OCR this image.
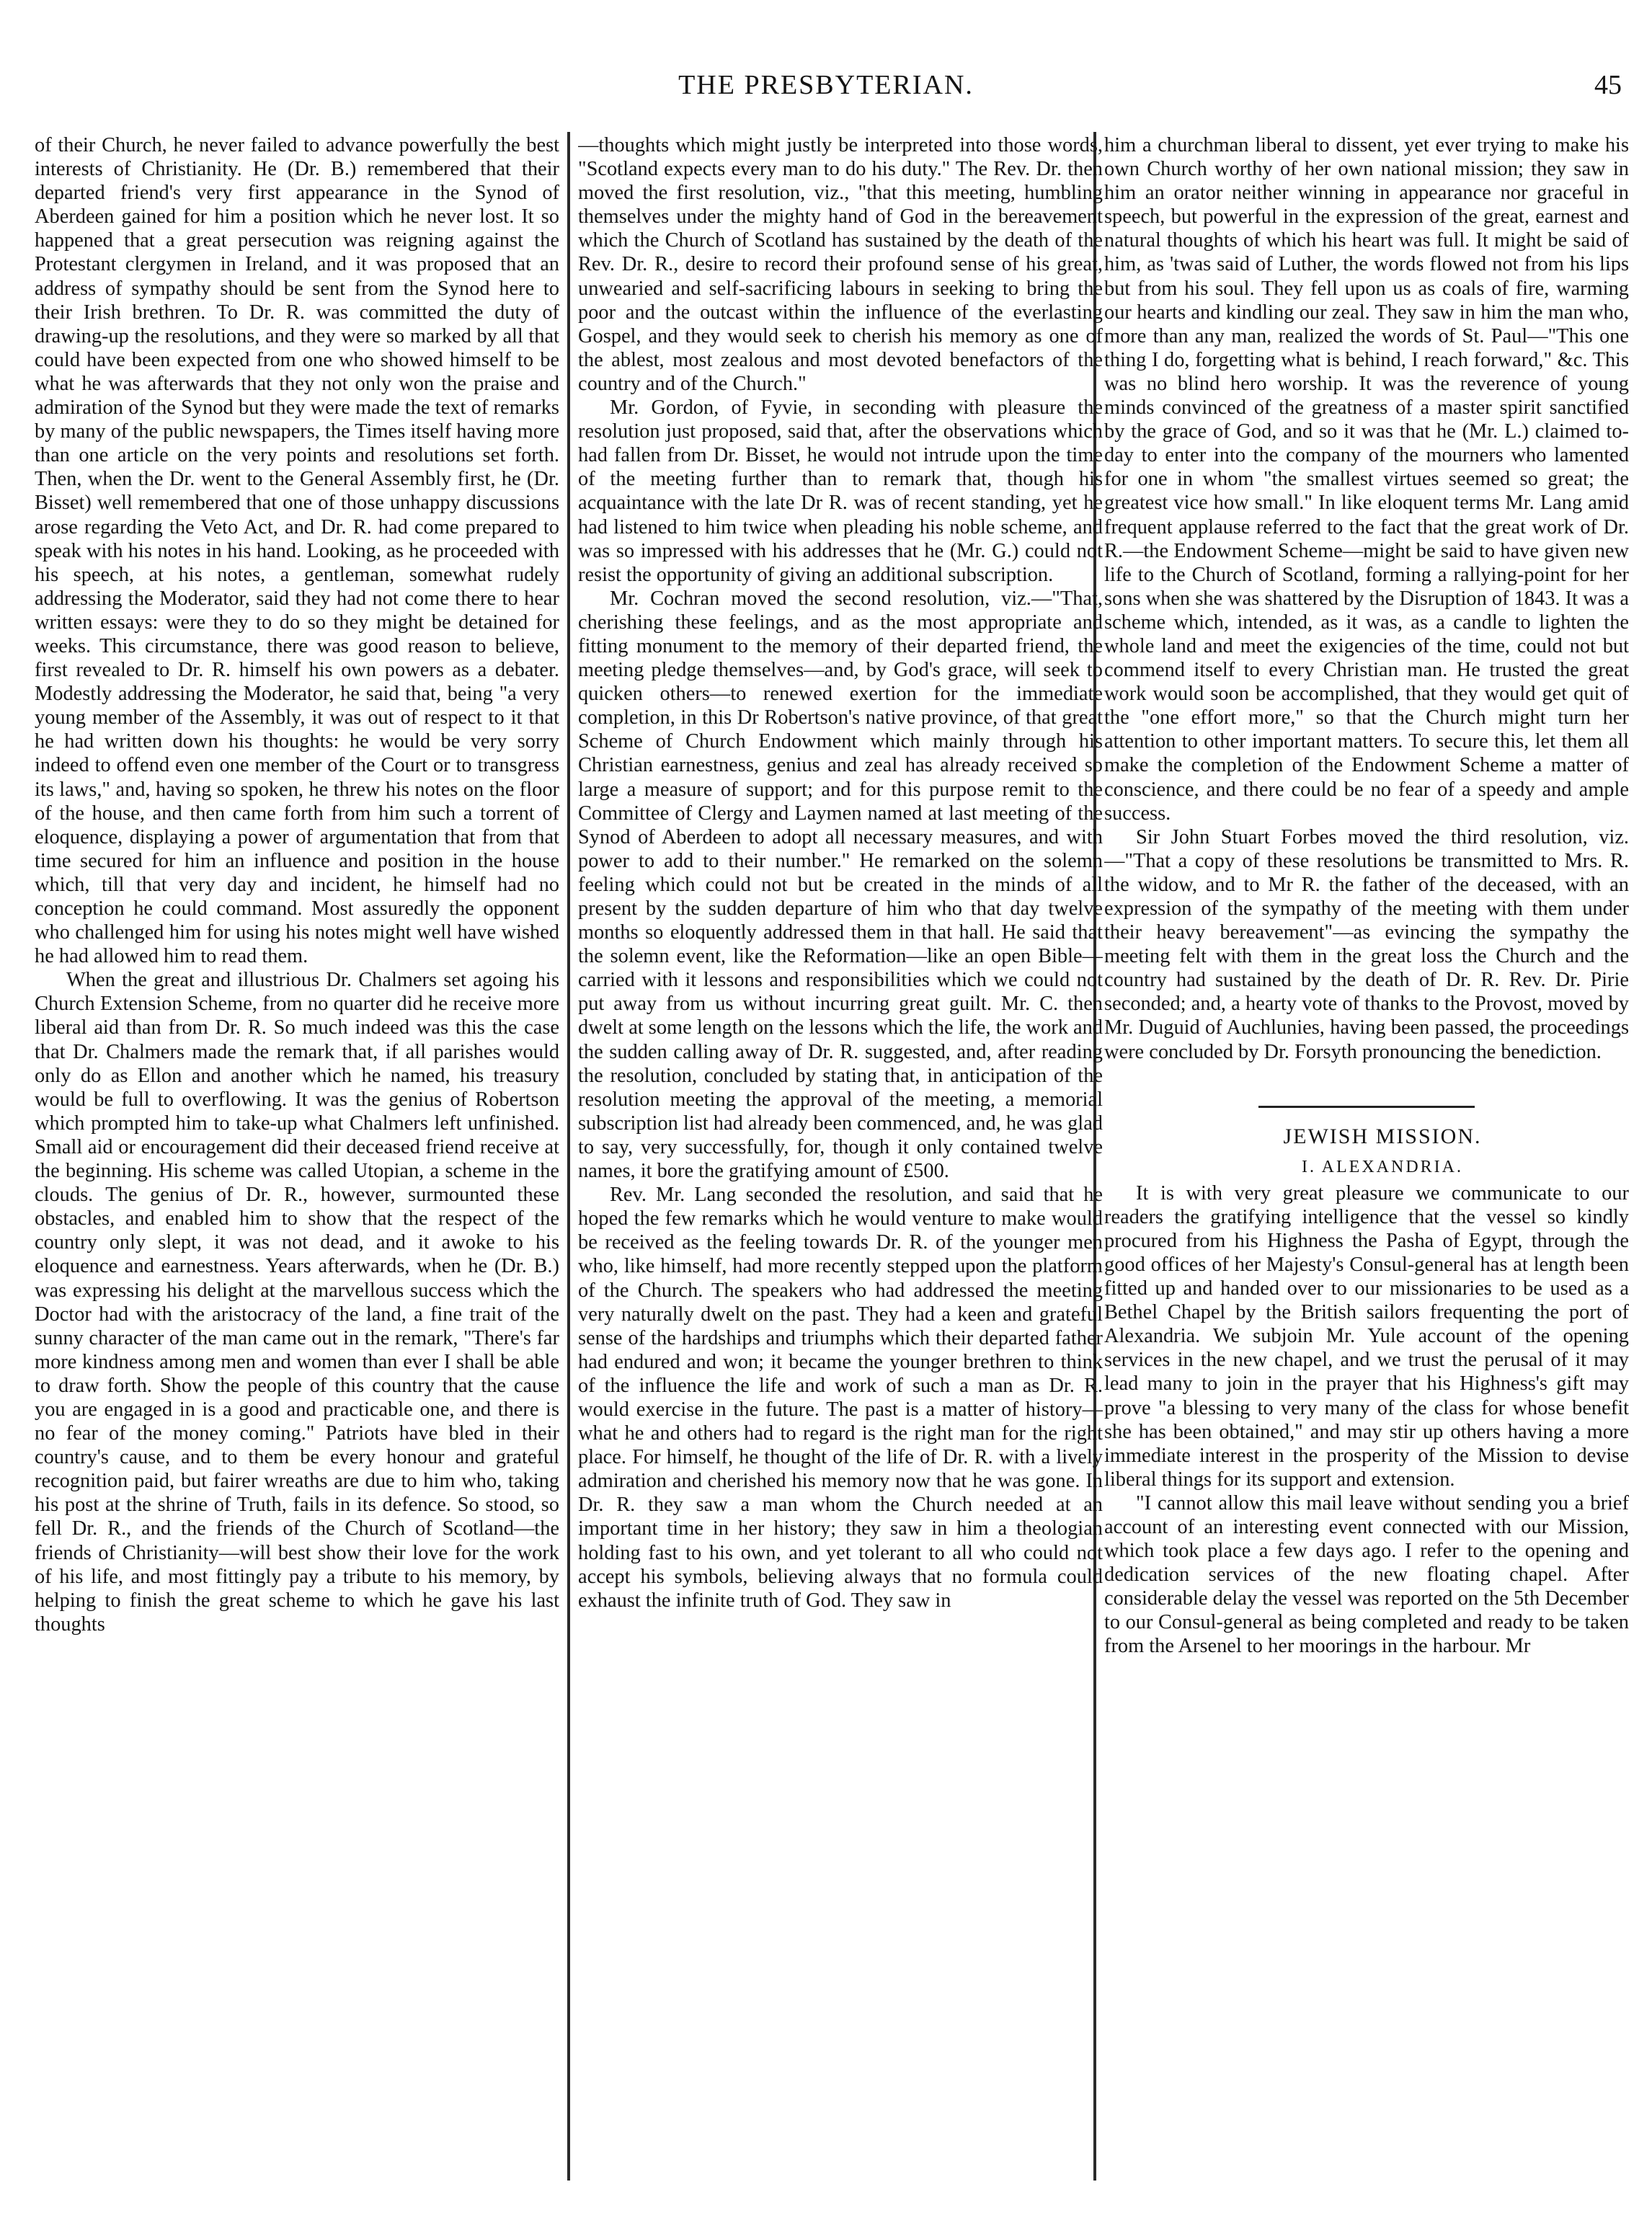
THE PRESBYTERIAN.	45

of their Church, he never failed to advance powerfully the best interests of Christianity. He (Dr. B.) remembered that their departed friend's very first appearance in the Synod of Aberdeen gained for him a position which he never lost. It so happened that a great persecution was reigning against the Protestant clergymen in Ireland, and it was proposed that an address of sympathy should be sent from the Synod here to their Irish brethren. To Dr. R. was committed the duty of drawing-up the resolutions, and they were so marked by all that could have been expected from one who showed himself to be what he was afterwards that they not only won the praise and admiration of the Synod but they were made the text of remarks by many of the public newspapers, the Times itself having more than one article on the very points and resolutions set forth. Then, when the Dr. went to the General Assembly first, he (Dr. Bisset) well remembered that one of those unhappy discussions arose regarding the Veto Act, and Dr. R. had come prepared to speak with his notes in his hand. Looking, as he proceeded with his speech, at his notes, a gentleman, somewhat rudely addressing the Moderator, said they had not come there to hear written essays: were they to do so they might be detained for weeks. This circumstance, there was good reason to believe, first revealed to Dr. R. himself his own powers as a debater. Modestly addressing the Moderator, he said that, being "a very young member of the Assembly, it was out of respect to it that he had written down his thoughts: he would be very sorry indeed to offend even one member of the Court or to transgress its laws," and, having so spoken, he threw his notes on the floor of the house, and then came forth from him such a torrent of eloquence, displaying a power of argumentation that from that time secured for him an influence and position in the house which, till that very day and incident, he himself had no conception he could command. Most assuredly the opponent who challenged him for using his notes might well have wished he had allowed him to read them.

When the great and illustrious Dr. Chalmers set agoing his Church Extension Scheme, from no quarter did he receive more liberal aid than from Dr. R. So much indeed was this the case that Dr. Chalmers made the remark that, if all parishes would only do as Ellon and another which he named, his treasury would be full to overflowing. It was the genius of Robertson which prompted him to take-up what Chalmers left unfinished. Small aid or encouragement did their deceased friend receive at the beginning. His scheme was called Utopian, a scheme in the clouds. The genius of Dr. R., however, surmounted these obstacles, and enabled him to show that the respect of the country only slept, it was not dead, and it awoke to his eloquence and earnestness. Years afterwards, when he (Dr. B.) was expressing his delight at the marvellous success which the Doctor had with the aristocracy of the land, a fine trait of the sunny character of the man came out in the remark, "There's far more kindness among men and women than ever I shall be able to draw forth. Show the people of this country that the cause you are engaged in is a good and practicable one, and there is no fear of the money coming." Patriots have bled in their country's cause, and to them be every honour and grateful recognition paid, but fairer wreaths are due to him who, taking his post at the shrine of Truth, fails in its defence. So stood, so fell Dr. R., and the friends of the Church of Scotland—the friends of Christianity—will best show their love for the work of his life, and most fittingly pay a tribute to his memory, by helping to finish the great scheme to which he gave his last thoughts

—thoughts which might justly be interpreted into those words, "Scotland expects every man to do his duty." The Rev. Dr. then moved the first resolution, viz., "that this meeting, humbling themselves under the mighty hand of God in the bereavement which the Church of Scotland has sustained by the death of the Rev. Dr. R., desire to record their profound sense of his great, unwearied and self-sacrificing labours in seeking to bring the poor and the outcast within the influence of the everlasting Gospel, and they would seek to cherish his memory as one of the ablest, most zealous and most devoted benefactors of the country and of the Church."

Mr. Gordon, of Fyvie, in seconding with pleasure the resolution just proposed, said that, after the observations which had fallen from Dr. Bisset, he would not intrude upon the time of the meeting further than to remark that, though his acquaintance with the late Dr R. was of recent standing, yet he had listened to him twice when pleading his noble scheme, and was so impressed with his addresses that he (Mr. G.) could not resist the opportunity of giving an additional subscription.

Mr. Cochran moved the second resolution, viz.—"That, cherishing these feelings, and as the most appropriate and fitting monument to the memory of their departed friend, the meeting pledge themselves—and, by God's grace, will seek to quicken others—to renewed exertion for the immediate completion, in this Dr Robertson's native province, of that great Scheme of Church Endowment which mainly through his Christian earnestness, genius and zeal has already received so large a measure of support; and for this purpose remit to the Committee of Clergy and Laymen named at last meeting of the Synod of Aberdeen to adopt all necessary measures, and with power to add to their number." He remarked on the solemn feeling which could not but be created in the minds of all present by the sudden departure of him who that day twelve months so eloquently addressed them in that hall. He said that the solemn event, like the Reformation—like an open Bible—carried with it lessons and responsibilities which we could not put away from us without incurring great guilt. Mr. C. then dwelt at some length on the lessons which the life, the work and the sudden calling away of Dr. R. suggested, and, after reading the resolution, concluded by stating that, in anticipation of the resolution meeting the approval of the meeting, a memorial subscription list had already been commenced, and, he was glad to say, very successfully, for, though it only contained twelve names, it bore the gratifying amount of £500.

Rev. Mr. Lang seconded the resolution, and said that he hoped the few remarks which he would venture to make would be received as the feeling towards Dr. R. of the younger men who, like himself, had more recently stepped upon the platform of the Church. The speakers who had addressed the meeting very naturally dwelt on the past. They had a keen and grateful sense of the hardships and triumphs which their departed father had endured and won; it became the younger brethren to think of the influence the life and work of such a man as Dr. R. would exercise in the future. The past is a matter of history—what he and others had to regard is the right man for the right place. For himself, he thought of the life of Dr. R. with a lively admiration and cherished his memory now that he was gone. In Dr. R. they saw a man whom the Church needed at an important time in her history; they saw in him a theologian holding fast to his own, and yet tolerant to all who could not accept his symbols, believing always that no formula could exhaust the infinite truth of God. They saw in

him a churchman liberal to dissent, yet ever trying to make his own Church worthy of her own national mission; they saw in him an orator neither winning in appearance nor graceful in speech, but powerful in the expression of the great, earnest and natural thoughts of which his heart was full. It might be said of him, as 'twas said of Luther, the words flowed not from his lips but from his soul. They fell upon us as coals of fire, warming our hearts and kindling our zeal. They saw in him the man who, more than any man, realized the words of St. Paul—"This one thing I do, forgetting what is behind, I reach forward," &c. This was no blind hero worship. It was the reverence of young minds convinced of the greatness of a master spirit sanctified by the grace of God, and so it was that he (Mr. L.) claimed to-day to enter into the company of the mourners who lamented for one in whom "the smallest virtues seemed so great; the greatest vice how small." In like eloquent terms Mr. Lang amid frequent applause referred to the fact that the great work of Dr. R.—the Endowment Scheme—might be said to have given new life to the Church of Scotland, forming a rallying-point for her sons when she was shattered by the Disruption of 1843. It was a scheme which, intended, as it was, as a candle to lighten the whole land and meet the exigencies of the time, could not but commend itself to every Christian man. He trusted the great work would soon be accomplished, that they would get quit of the "one effort more," so that the Church might turn her attention to other important matters. To secure this, let them all make the completion of the Endowment Scheme a matter of conscience, and there could be no fear of a speedy and ample success.

Sir John Stuart Forbes moved the third resolution, viz.—"That a copy of these resolutions be transmitted to Mrs. R. the widow, and to Mr R. the father of the deceased, with an expression of the sympathy of the meeting with them under their heavy bereavement"—as evincing the sympathy the meeting felt with them in the great loss the Church and the country had sustained by the death of Dr. R. Rev. Dr. Pirie seconded; and, a hearty vote of thanks to the Provost, moved by Mr. Duguid of Auchlunies, having been passed, the proceedings were concluded by Dr. Forsyth pronouncing the benediction.

JEWISH MISSION.

I. ALEXANDRIA.

It is with very great pleasure we communicate to our readers the gratifying intelligence that the vessel so kindly procured from his Highness the Pasha of Egypt, through the good offices of her Majesty's Consul-general has at length been fitted up and handed over to our missionaries to be used as a Bethel Chapel by the British sailors frequenting the port of Alexandria. We subjoin Mr. Yule account of the opening services in the new chapel, and we trust the perusal of it may lead many to join in the prayer that his Highness's gift may prove "a blessing to very many of the class for whose benefit she has been obtained," and may stir up others having a more immediate interest in the prosperity of the Mission to devise liberal things for its support and extension.

"I cannot allow this mail leave without sending you a brief account of an interesting event connected with our Mission, which took place a few days ago. I refer to the opening and dedication services of the new floating chapel. After considerable delay the vessel was reported on the 5th December to our Consul-general as being completed and ready to be taken from the Arsenel to her moorings in the harbour. Mr
